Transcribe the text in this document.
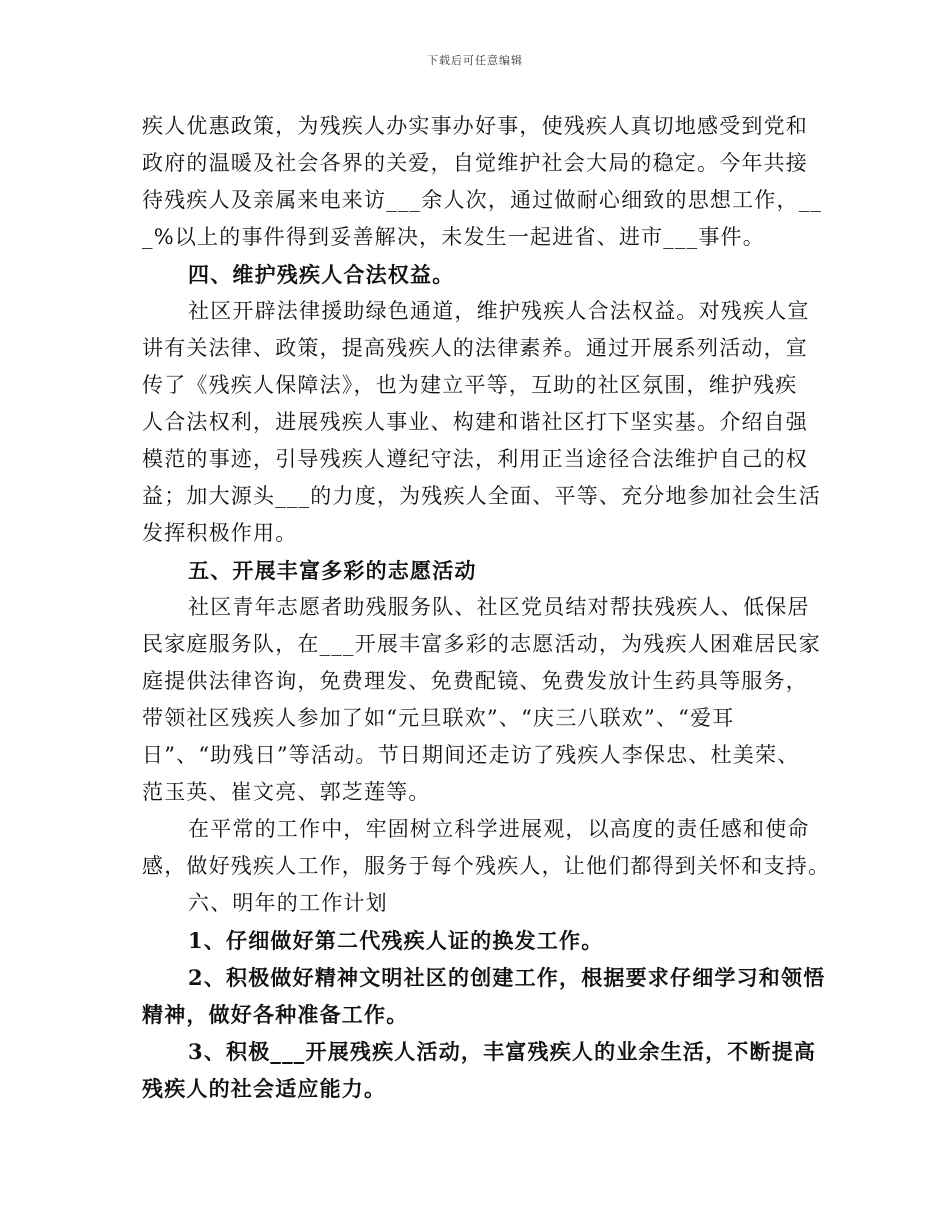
下载后可任意编辑
疾人优惠政策，为残疾人办实事办好事，使残疾人真切地感受到党和
政府的温暖及社会各界的关爱，自觉维护社会大局的稳定。今年共接
待残疾人及亲属来电来访___余人次，通过做耐心细致的思想工作，__
_%以上的事件得到妥善解决，未发生一起进省、进市___事件。
四、维护残疾人合法权益。
社区开辟法律援助绿色通道，维护残疾人合法权益。对残疾人宣
讲有关法律、政策，提高残疾人的法律素养。通过开展系列活动，宣
传了《残疾人保障法》，也为建立平等，互助的社区氛围，维护残疾
人合法权利，进展残疾人事业、构建和谐社区打下坚实基。介绍自强
模范的事迹，引导残疾人遵纪守法，利用正当途径合法维护自己的权
益；加大源头___的力度，为残疾人全面、平等、充分地参加社会生活
发挥积极作用。
五、开展丰富多彩的志愿活动
社区青年志愿者助残服务队、社区党员结对帮扶残疾人、低保居
民家庭服务队，在___开展丰富多彩的志愿活动，为残疾人困难居民家
庭提供法律咨询，免费理发、免费配镜、免费发放计生药具等服务，
带领社区残疾人参加了如“元旦联欢”、“庆三八联欢”、“爱耳
日”、“助残日”等活动。节日期间还走访了残疾人李保忠、杜美荣、
范玉英、崔文亮、郭芝莲等。
在平常的工作中，牢固树立科学进展观，以高度的责任感和使命
感，做好残疾人工作，服务于每个残疾人，让他们都得到关怀和支持。
六、明年的工作计划
1、仔细做好第二代残疾人证的换发工作。
2、积极做好精神文明社区的创建工作，根据要求仔细学习和领悟
精神，做好各种准备工作。
3、积极___开展残疾人活动，丰富残疾人的业余生活，不断提高
残疾人的社会适应能力。
